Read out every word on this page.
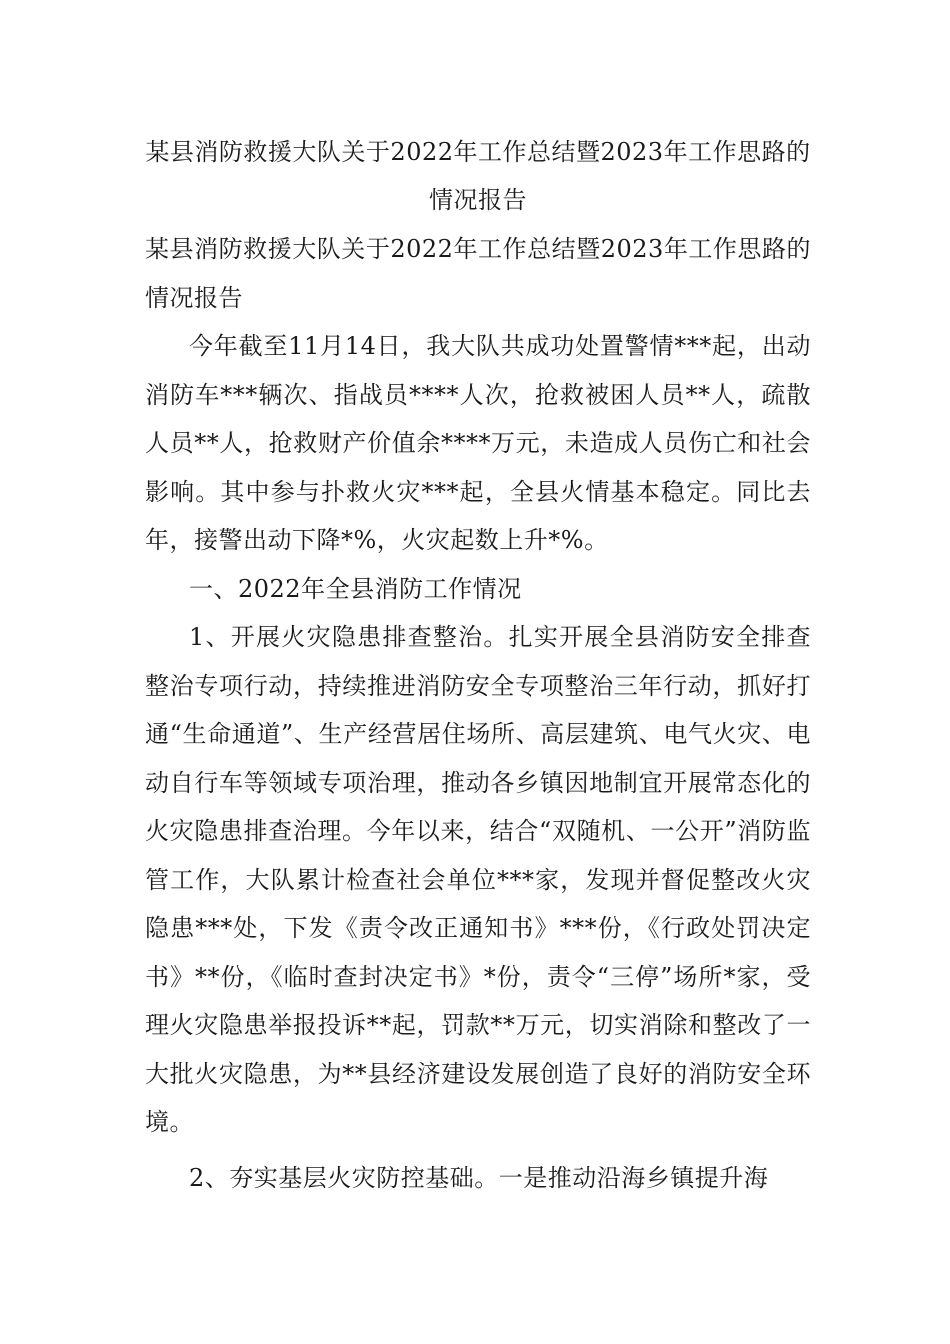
某县消防救援大队关于2022年工作总结暨2023年工作思路的情况报告

某县消防救援大队关于2022年工作总结暨2023年工作思路的情况报告

今年截至11月14日，我大队共成功处置警情***起，出动消防车***辆次、指战员****人次，抢救被困人员**人，疏散人员**人，抢救财产价值余****万元，未造成人员伤亡和社会影响。其中参与扑救火灾***起，全县火情基本稳定。同比去年，接警出动下降*%，火灾起数上升*%。

一、2022年全县消防工作情况

1、开展火灾隐患排查整治。扎实开展全县消防安全排查整治专项行动，持续推进消防安全专项整治三年行动，抓好打通“生命通道”、生产经营居住场所、高层建筑、电气火灾、电动自行车等领域专项治理，推动各乡镇因地制宜开展常态化的火灾隐患排查治理。今年以来，结合“双随机、一公开”消防监管工作，大队累计检查社会单位***家，发现并督促整改火灾隐患***处，下发《责令改正通知书》***份，《行政处罚决定书》**份，《临时查封决定书》*份，责令“三停”场所*家，受理火灾隐患举报投诉**起，罚款**万元，切实消除和整改了一大批火灾隐患，为**县经济建设发展创造了良好的消防安全环境。

2、夯实基层火灾防控基础。一是推动沿海乡镇提升海
